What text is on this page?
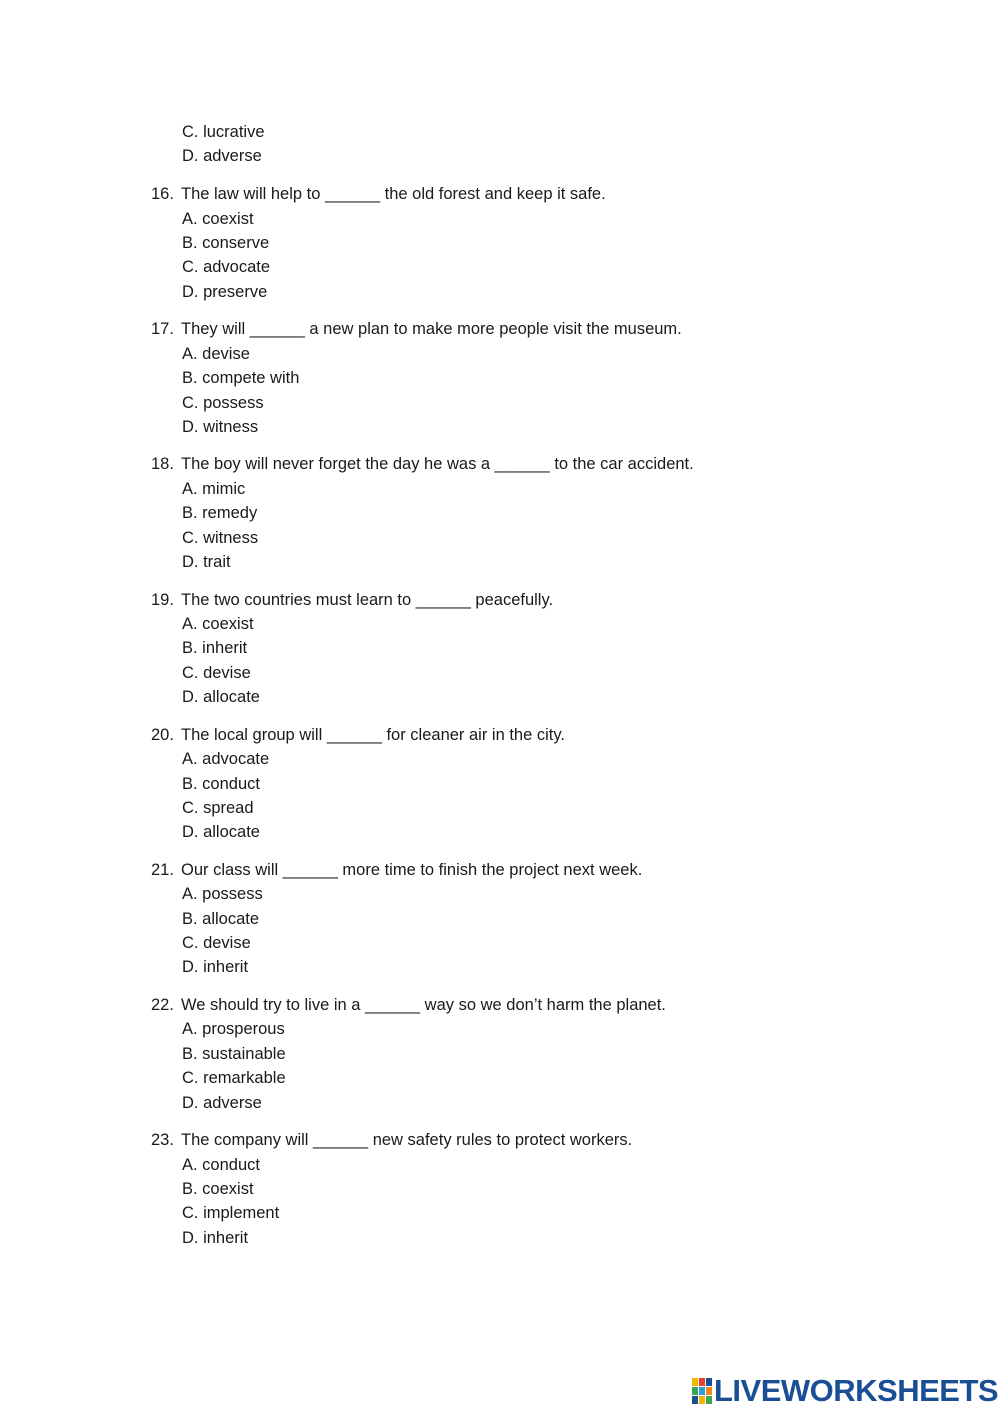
C. lucrative
D. adverse
16. The law will help to ______ the old forest and keep it safe.
A. coexist
B. conserve
C. advocate
D. preserve
17. They will ______ a new plan to make more people visit the museum.
A. devise
B. compete with
C. possess
D. witness
18. The boy will never forget the day he was a ______ to the car accident.
A. mimic
B. remedy
C. witness
D. trait
19. The two countries must learn to ______ peacefully.
A. coexist
B. inherit
C. devise
D. allocate
20. The local group will ______ for cleaner air in the city.
A. advocate
B. conduct
C. spread
D. allocate
21. Our class will ______ more time to finish the project next week.
A. possess
B. allocate
C. devise
D. inherit
22. We should try to live in a ______ way so we don’t harm the planet.
A. prosperous
B. sustainable
C. remarkable
D. adverse
23. The company will ______ new safety rules to protect workers.
A. conduct
B. coexist
C. implement
D. inherit
LIVEWORKSHEETS
